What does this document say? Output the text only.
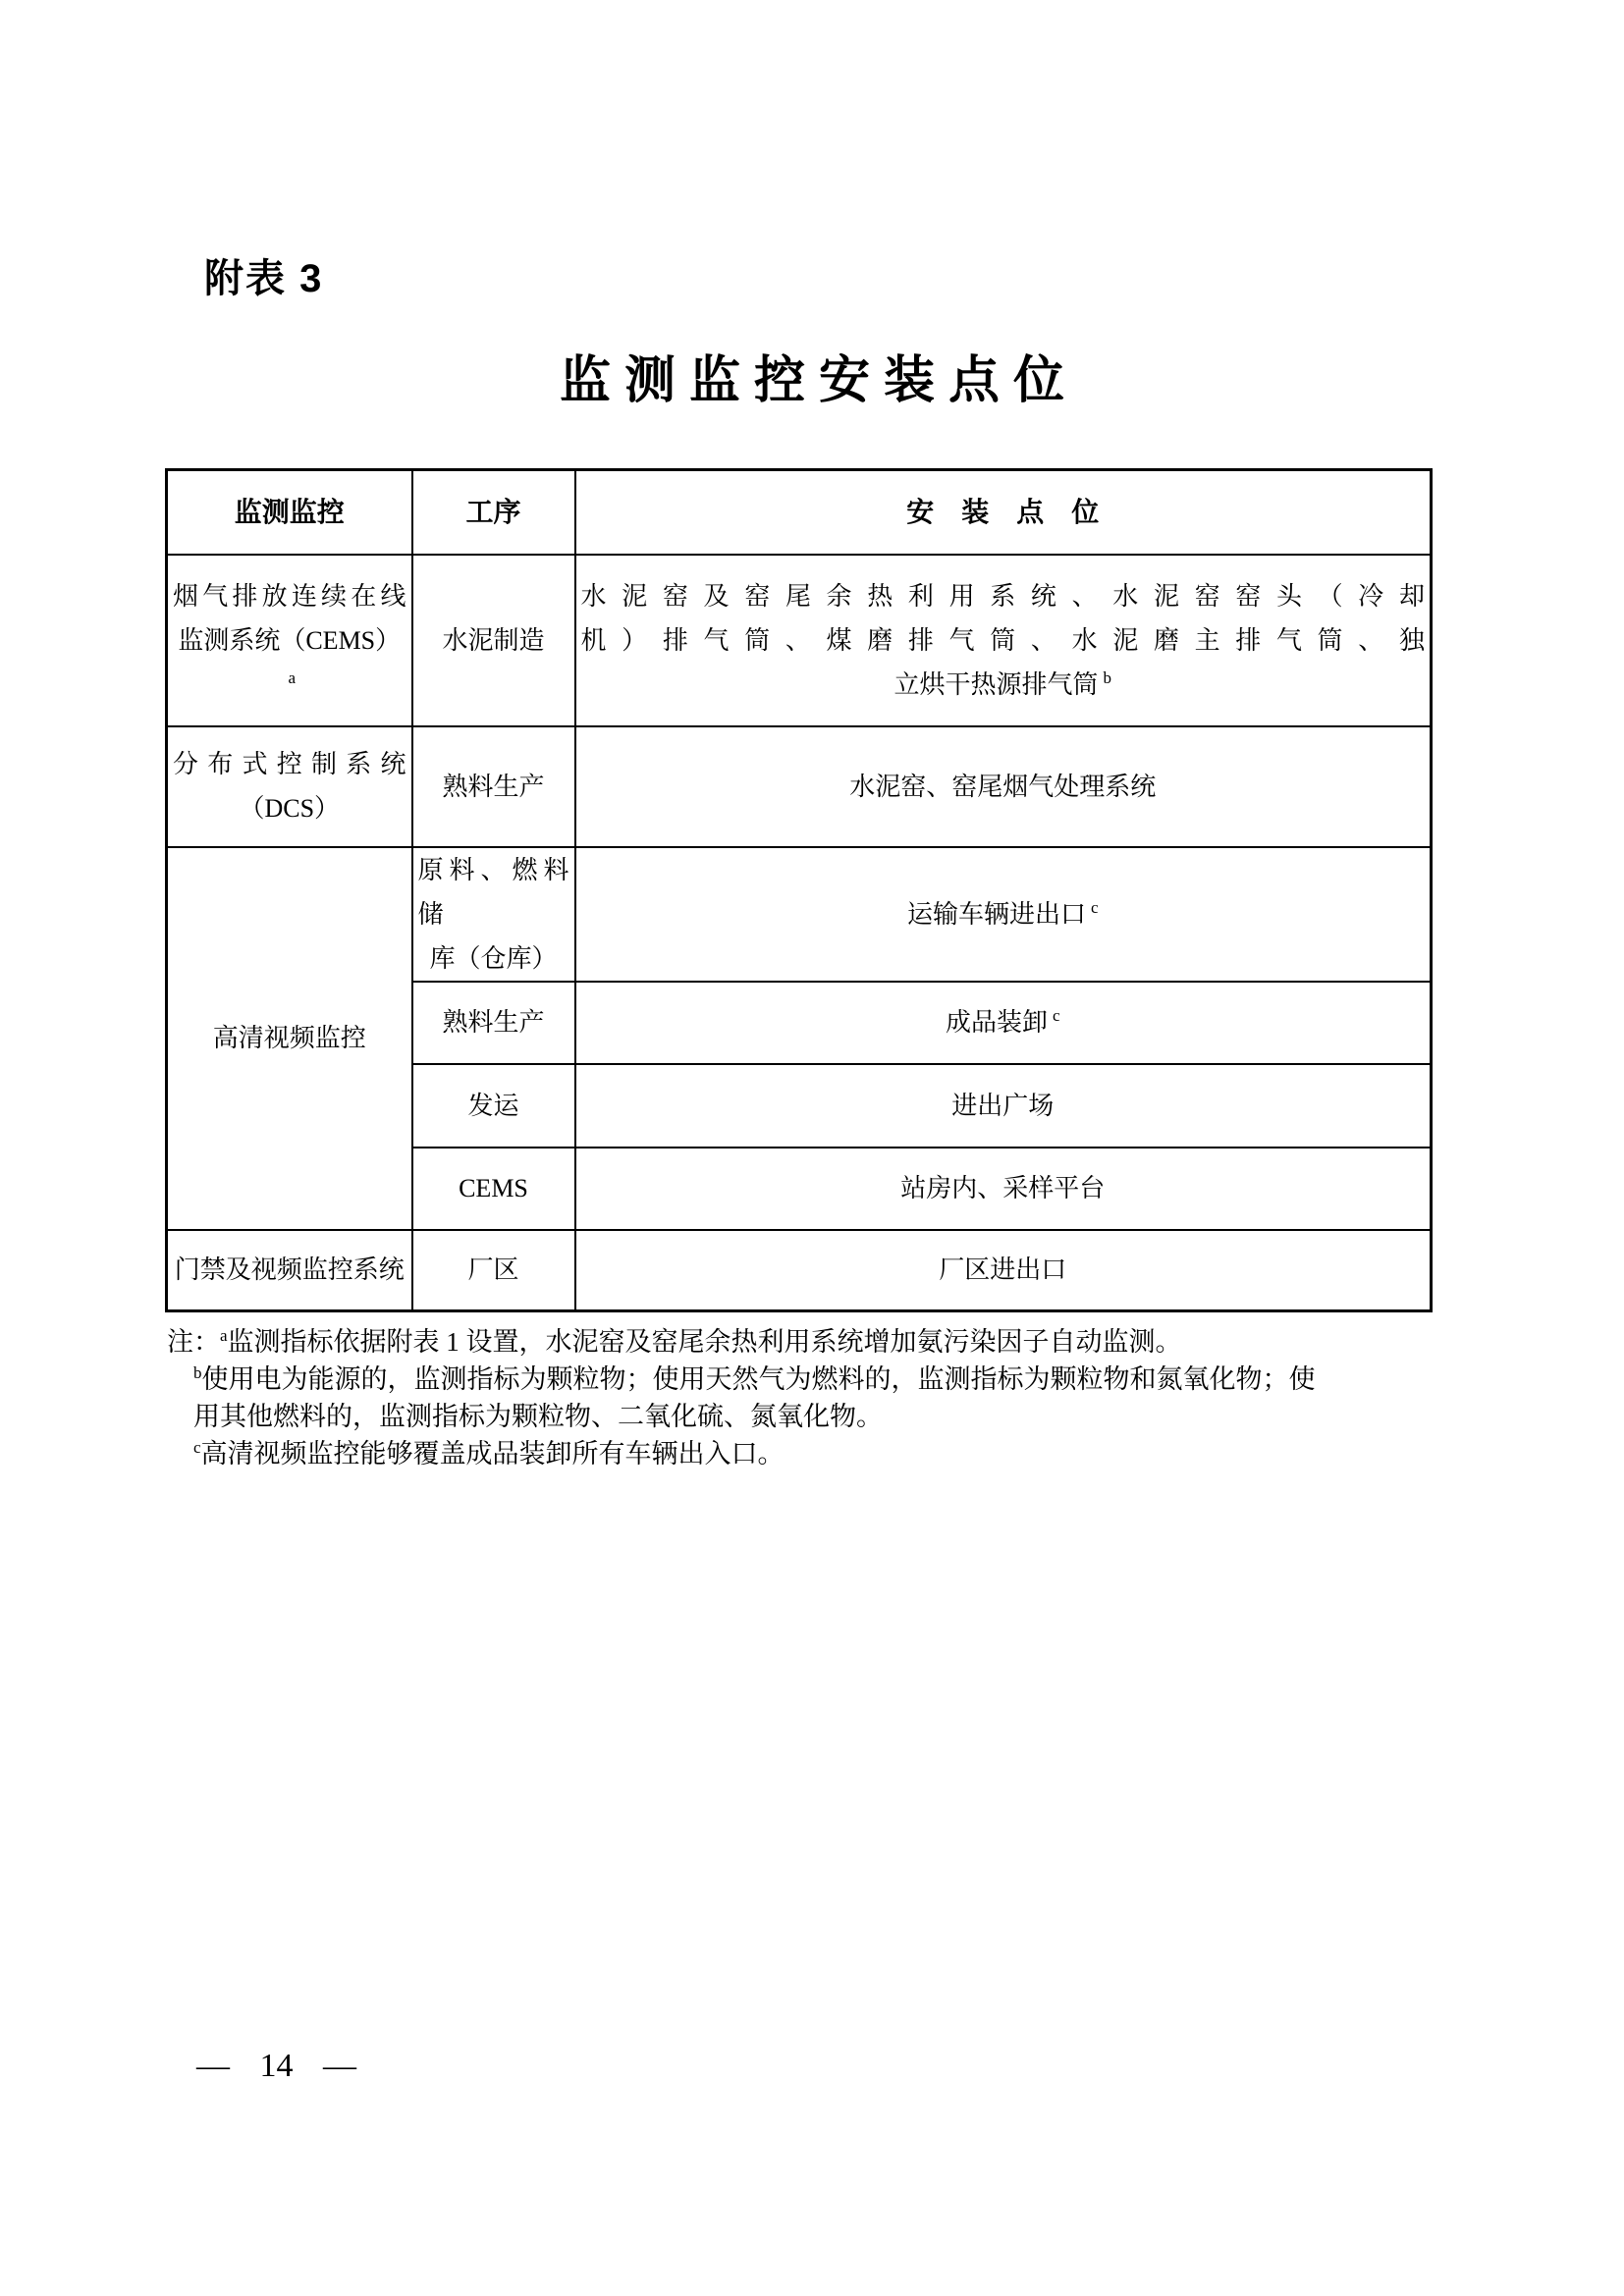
附表 3
监测监控安装点位
监测监控	工序	安　装　点　位

烟气排放连续在线
监测系统（CEMS）$^a$	水泥制造	水泥窑及窑尾余热利用系统、水泥窑窑头（冷却
机）排气筒、煤磨排气筒、水泥磨主排气筒、独
立烘干热源排气筒 $^b$

分布式控制系统
（DCS）	熟料生产	水泥窑、窑尾烟气处理系统
高清视频监控	原料、燃料储
库（仓库）	运输车辆进出口 $^c$
	熟料生产	成品装卸 $^c$
	发运	进出广场
	CEMS	站房内、采样平台
门禁及视频监控系统	厂区	厂区进出口
注： $^a$监测指标依据附表 1 设置，水泥窑及窑尾余热利用系统增加氨污染因子自动监测。
$^b$使用电为能源的，监测指标为颗粒物；使用天然气为燃料的，监测指标为颗粒物和氮氧化物；使用其他燃料的，监测指标为颗粒物、二氧化硫、氮氧化物。
$^c$高清视频监控能够覆盖成品装卸所有车辆出入口。
— 14 —
